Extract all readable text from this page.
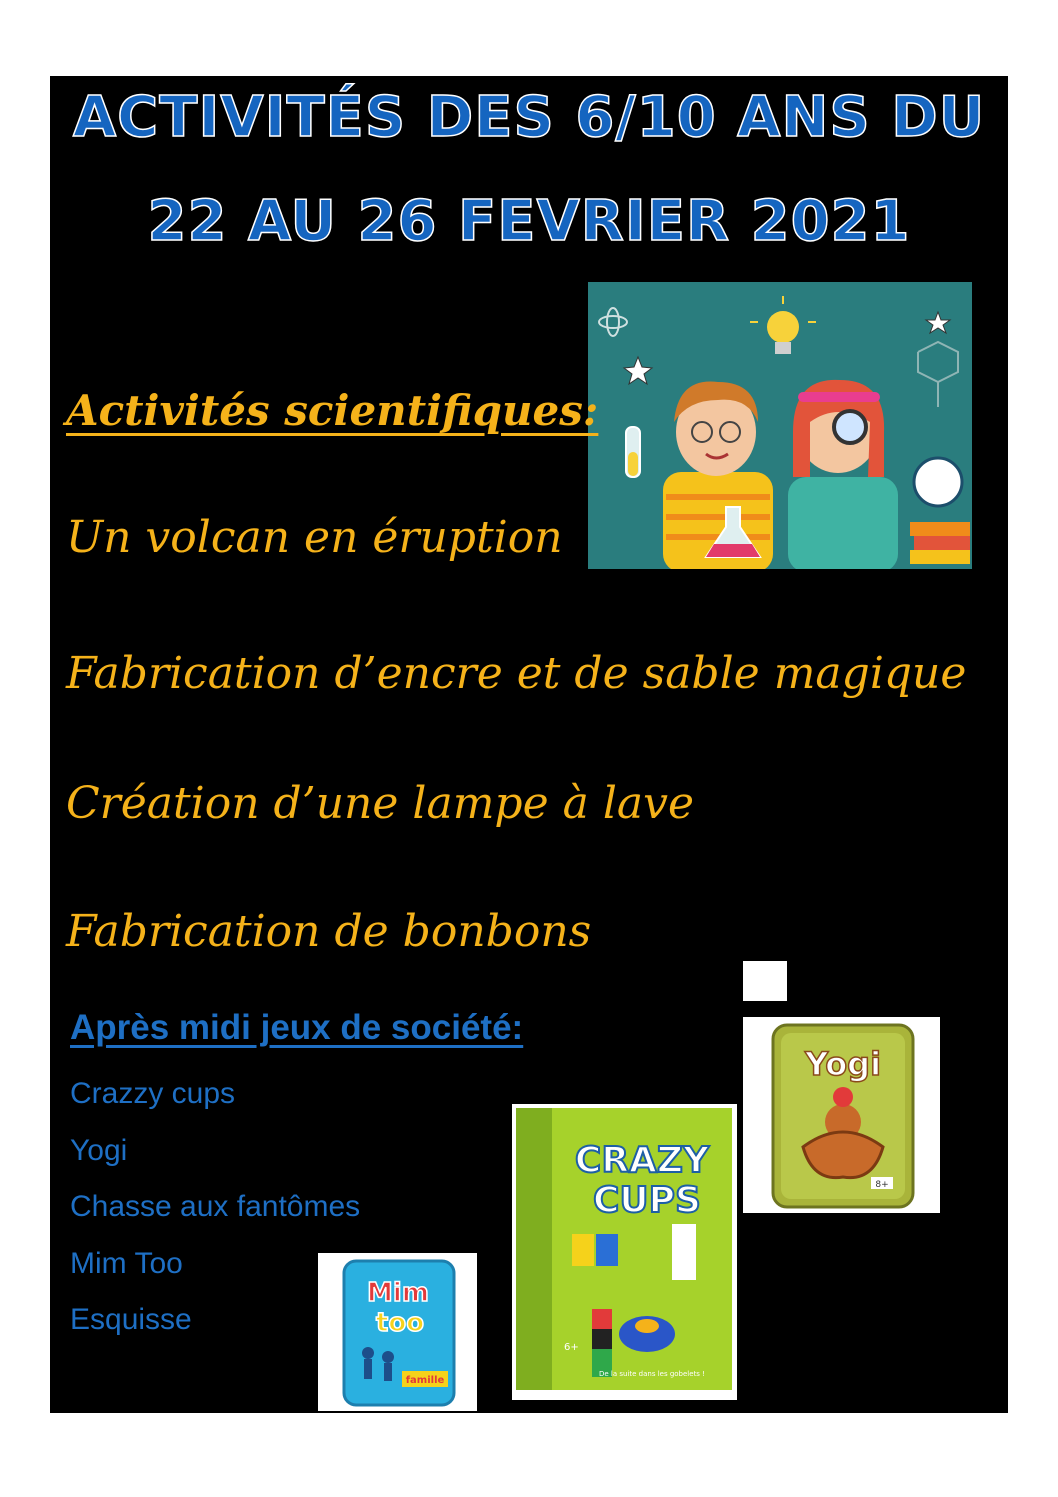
ACTIVITÉS DES 6/10 ANS DU
22 AU 26 FEVRIER 2021
Activités scientifiques:
Un volcan en éruption
Fabrication d’encre et de sable magique
Création d’une lampe à lave
Fabrication de bonbons
Après midi jeux de société:
Crazzy cups
Yogi
Chasse aux fantômes
Mim Too
Esquisse
Yogi
8+
CRAZY
CUPS
6+
De la suite dans les gobelets !
Mim
too
famille
